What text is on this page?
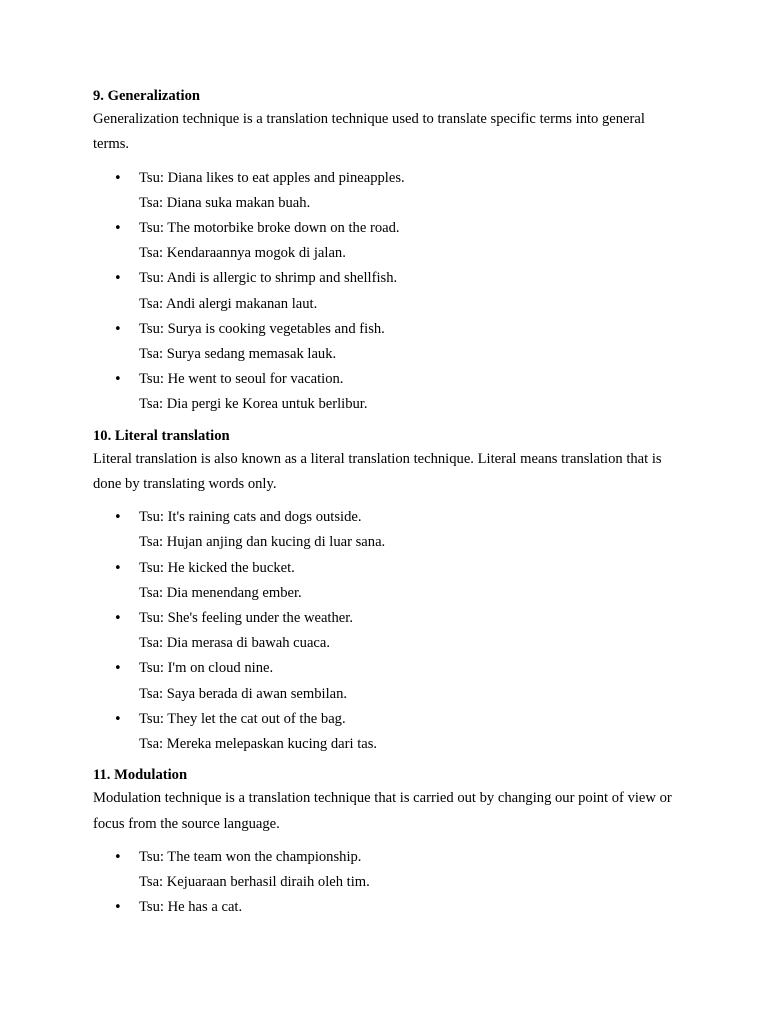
9. Generalization

Generalization technique is a translation technique used to translate specific terms into general terms.

• Tsu: Diana likes to eat apples and pineapples.
Tsa: Diana suka makan buah.
• Tsu: The motorbike broke down on the road.
Tsa: Kendaraannya mogok di jalan.
• Tsu: Andi is allergic to shrimp and shellfish.
Tsa: Andi alergi makanan laut.
• Tsu: Surya is cooking vegetables and fish.
Tsa: Surya sedang memasak lauk.
• Tsu: He went to seoul for vacation.
Tsa: Dia pergi ke Korea untuk berlibur.

10. Literal translation

Literal translation is also known as a literal translation technique. Literal means translation that is done by translating words only.

• Tsu: It's raining cats and dogs outside.
Tsa: Hujan anjing dan kucing di luar sana.
• Tsu: He kicked the bucket.
Tsa: Dia menendang ember.
• Tsu: She's feeling under the weather.
Tsa: Dia merasa di bawah cuaca.
• Tsu: I'm on cloud nine.
Tsa: Saya berada di awan sembilan.
• Tsu: They let the cat out of the bag.
Tsa: Mereka melepaskan kucing dari tas.

11. Modulation

Modulation technique is a translation technique that is carried out by changing our point of view or focus from the source language.

• Tsu: The team won the championship.
Tsa: Kejuaraan berhasil diraih oleh tim.
• Tsu: He has a cat.
